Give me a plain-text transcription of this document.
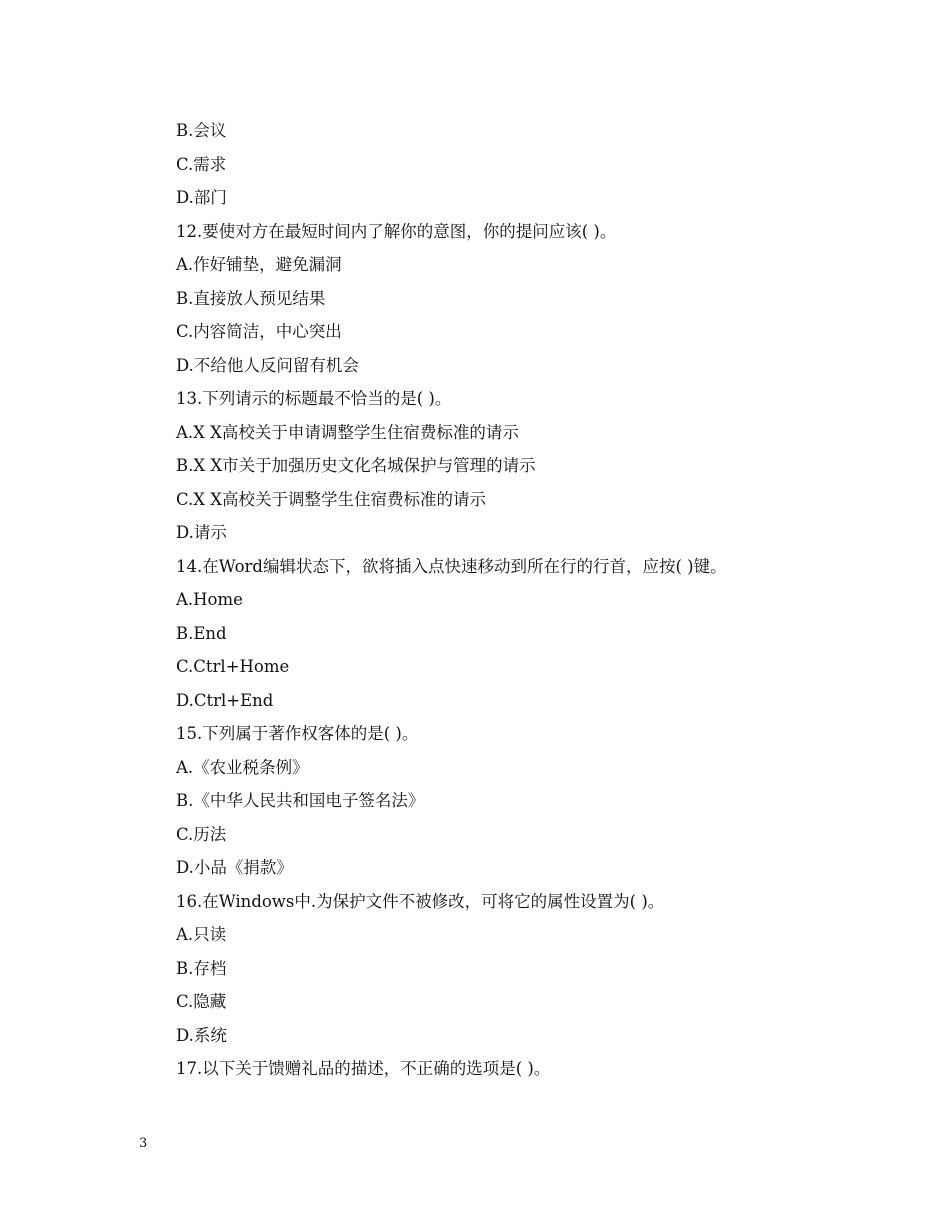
B.会议
C.需求
D.部门
12.要使对方在最短时间内了解你的意图，你的提问应该( )。
A.作好铺垫，避免漏洞
B.直接放人预见结果
C.内容简洁，中心突出
D.不给他人反问留有机会
13.下列请示的标题最不恰当的是( )。
A.X X高校关于申请调整学生住宿费标准的请示
B.X X市关于加强历史文化名城保护与管理的请示
C.X X高校关于调整学生住宿费标准的请示
D.请示
14.在Word编辑状态下，欲将插入点快速移动到所在行的行首，应按( )键。
A.Home
B.End
C.Ctrl+Home
D.Ctrl+End
15.下列属于著作权客体的是( )。
A.《农业税条例》
B.《中华人民共和国电子签名法》
C.历法
D.小品《捐款》
16.在Windows中.为保护文件不被修改，可将它的属性设置为( )。
A.只读
B.存档
C.隐藏
D.系统
17.以下关于馈赠礼品的描述，不正确的选项是( )。
3
